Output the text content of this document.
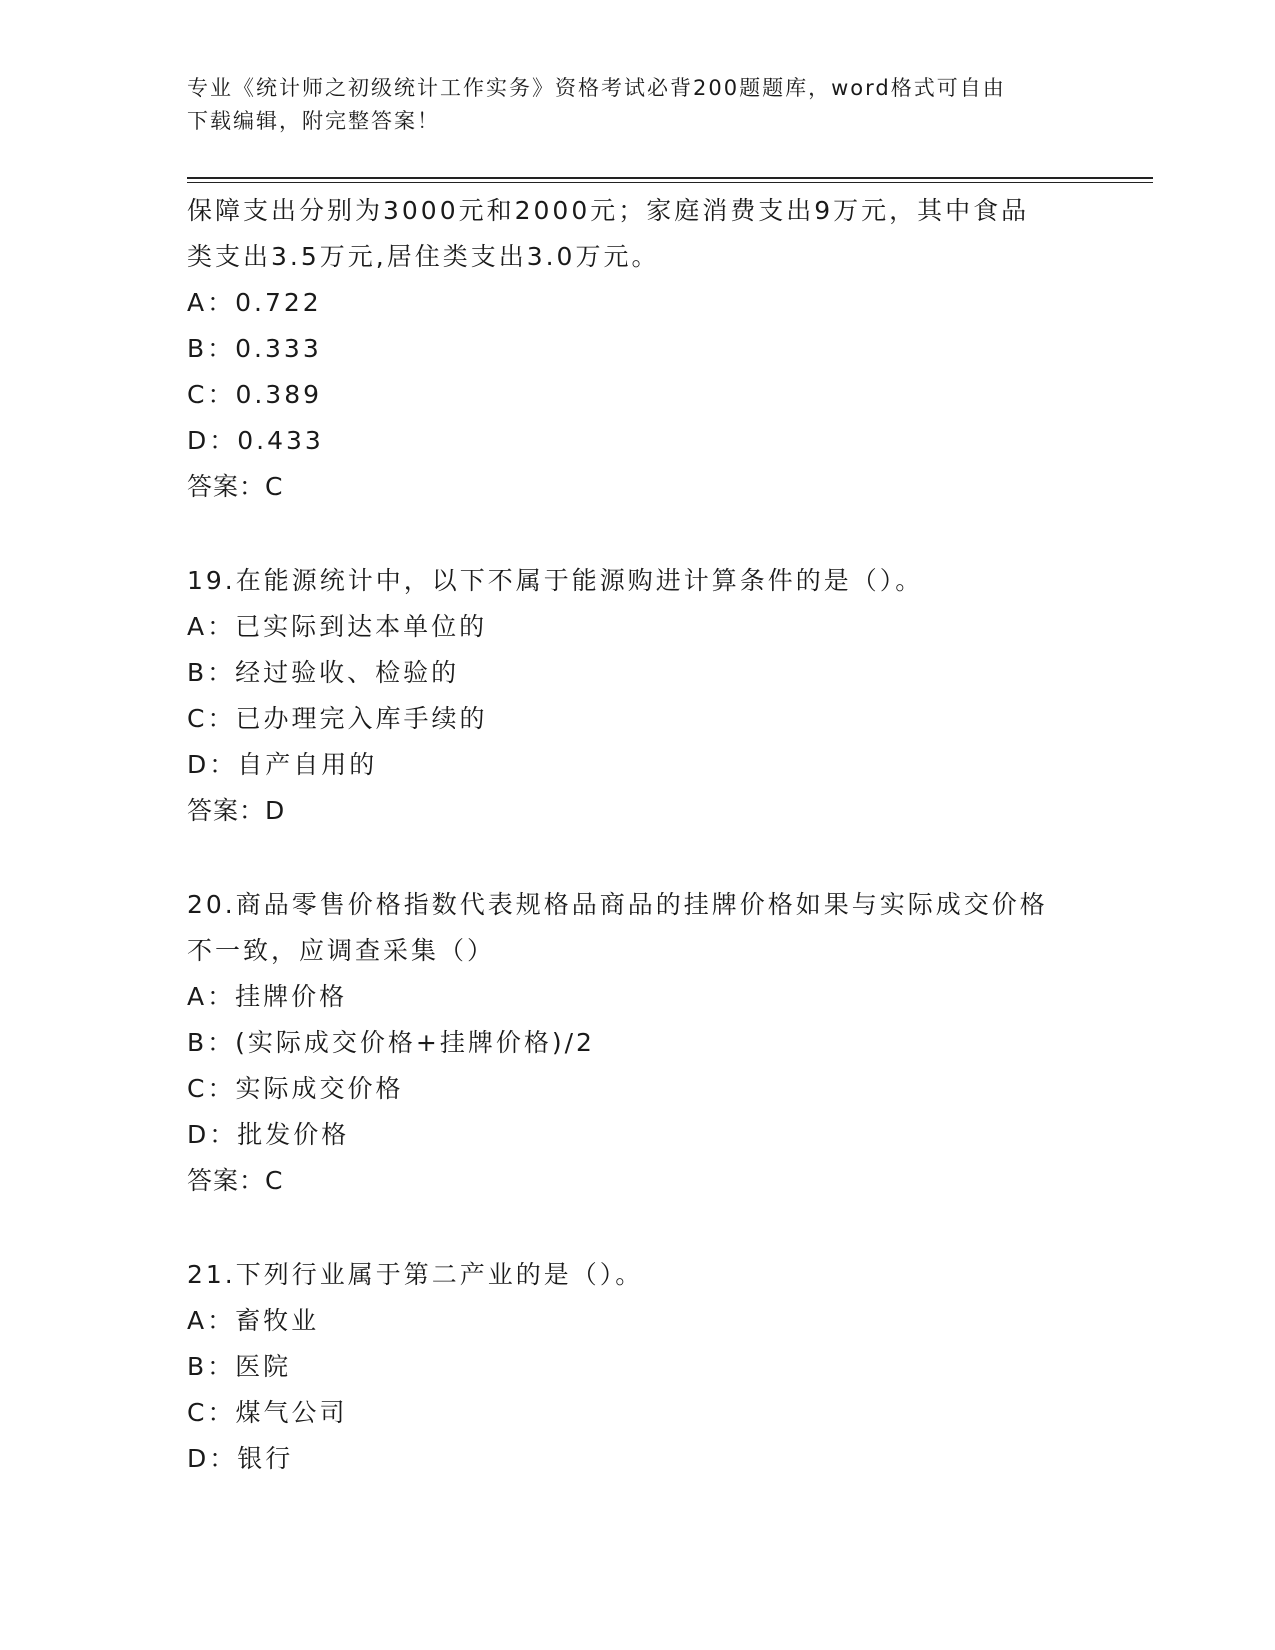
专业《统计师之初级统计工作实务》资格考试必背200题题库，word格式可自由
下载编辑，附完整答案！
保障支出分别为3000元和2000元；家庭消费支出9万元，其中食品
类支出3.5万元,居住类支出3.0万元。
A：0.722
B：0.333
C：0.389
D：0.433
答案：C
19.在能源统计中，以下不属于能源购进计算条件的是（）。
A：已实际到达本单位的
B：经过验收、检验的
C：已办理完入库手续的
D：自产自用的
答案：D
20.商品零售价格指数代表规格品商品的挂牌价格如果与实际成交价格
不一致，应调查采集（）
A：挂牌价格
B：(实际成交价格+挂牌价格)/2
C：实际成交价格
D：批发价格
答案：C
21.下列行业属于第二产业的是（）。
A：畜牧业
B：医院
C：煤气公司
D：银行
